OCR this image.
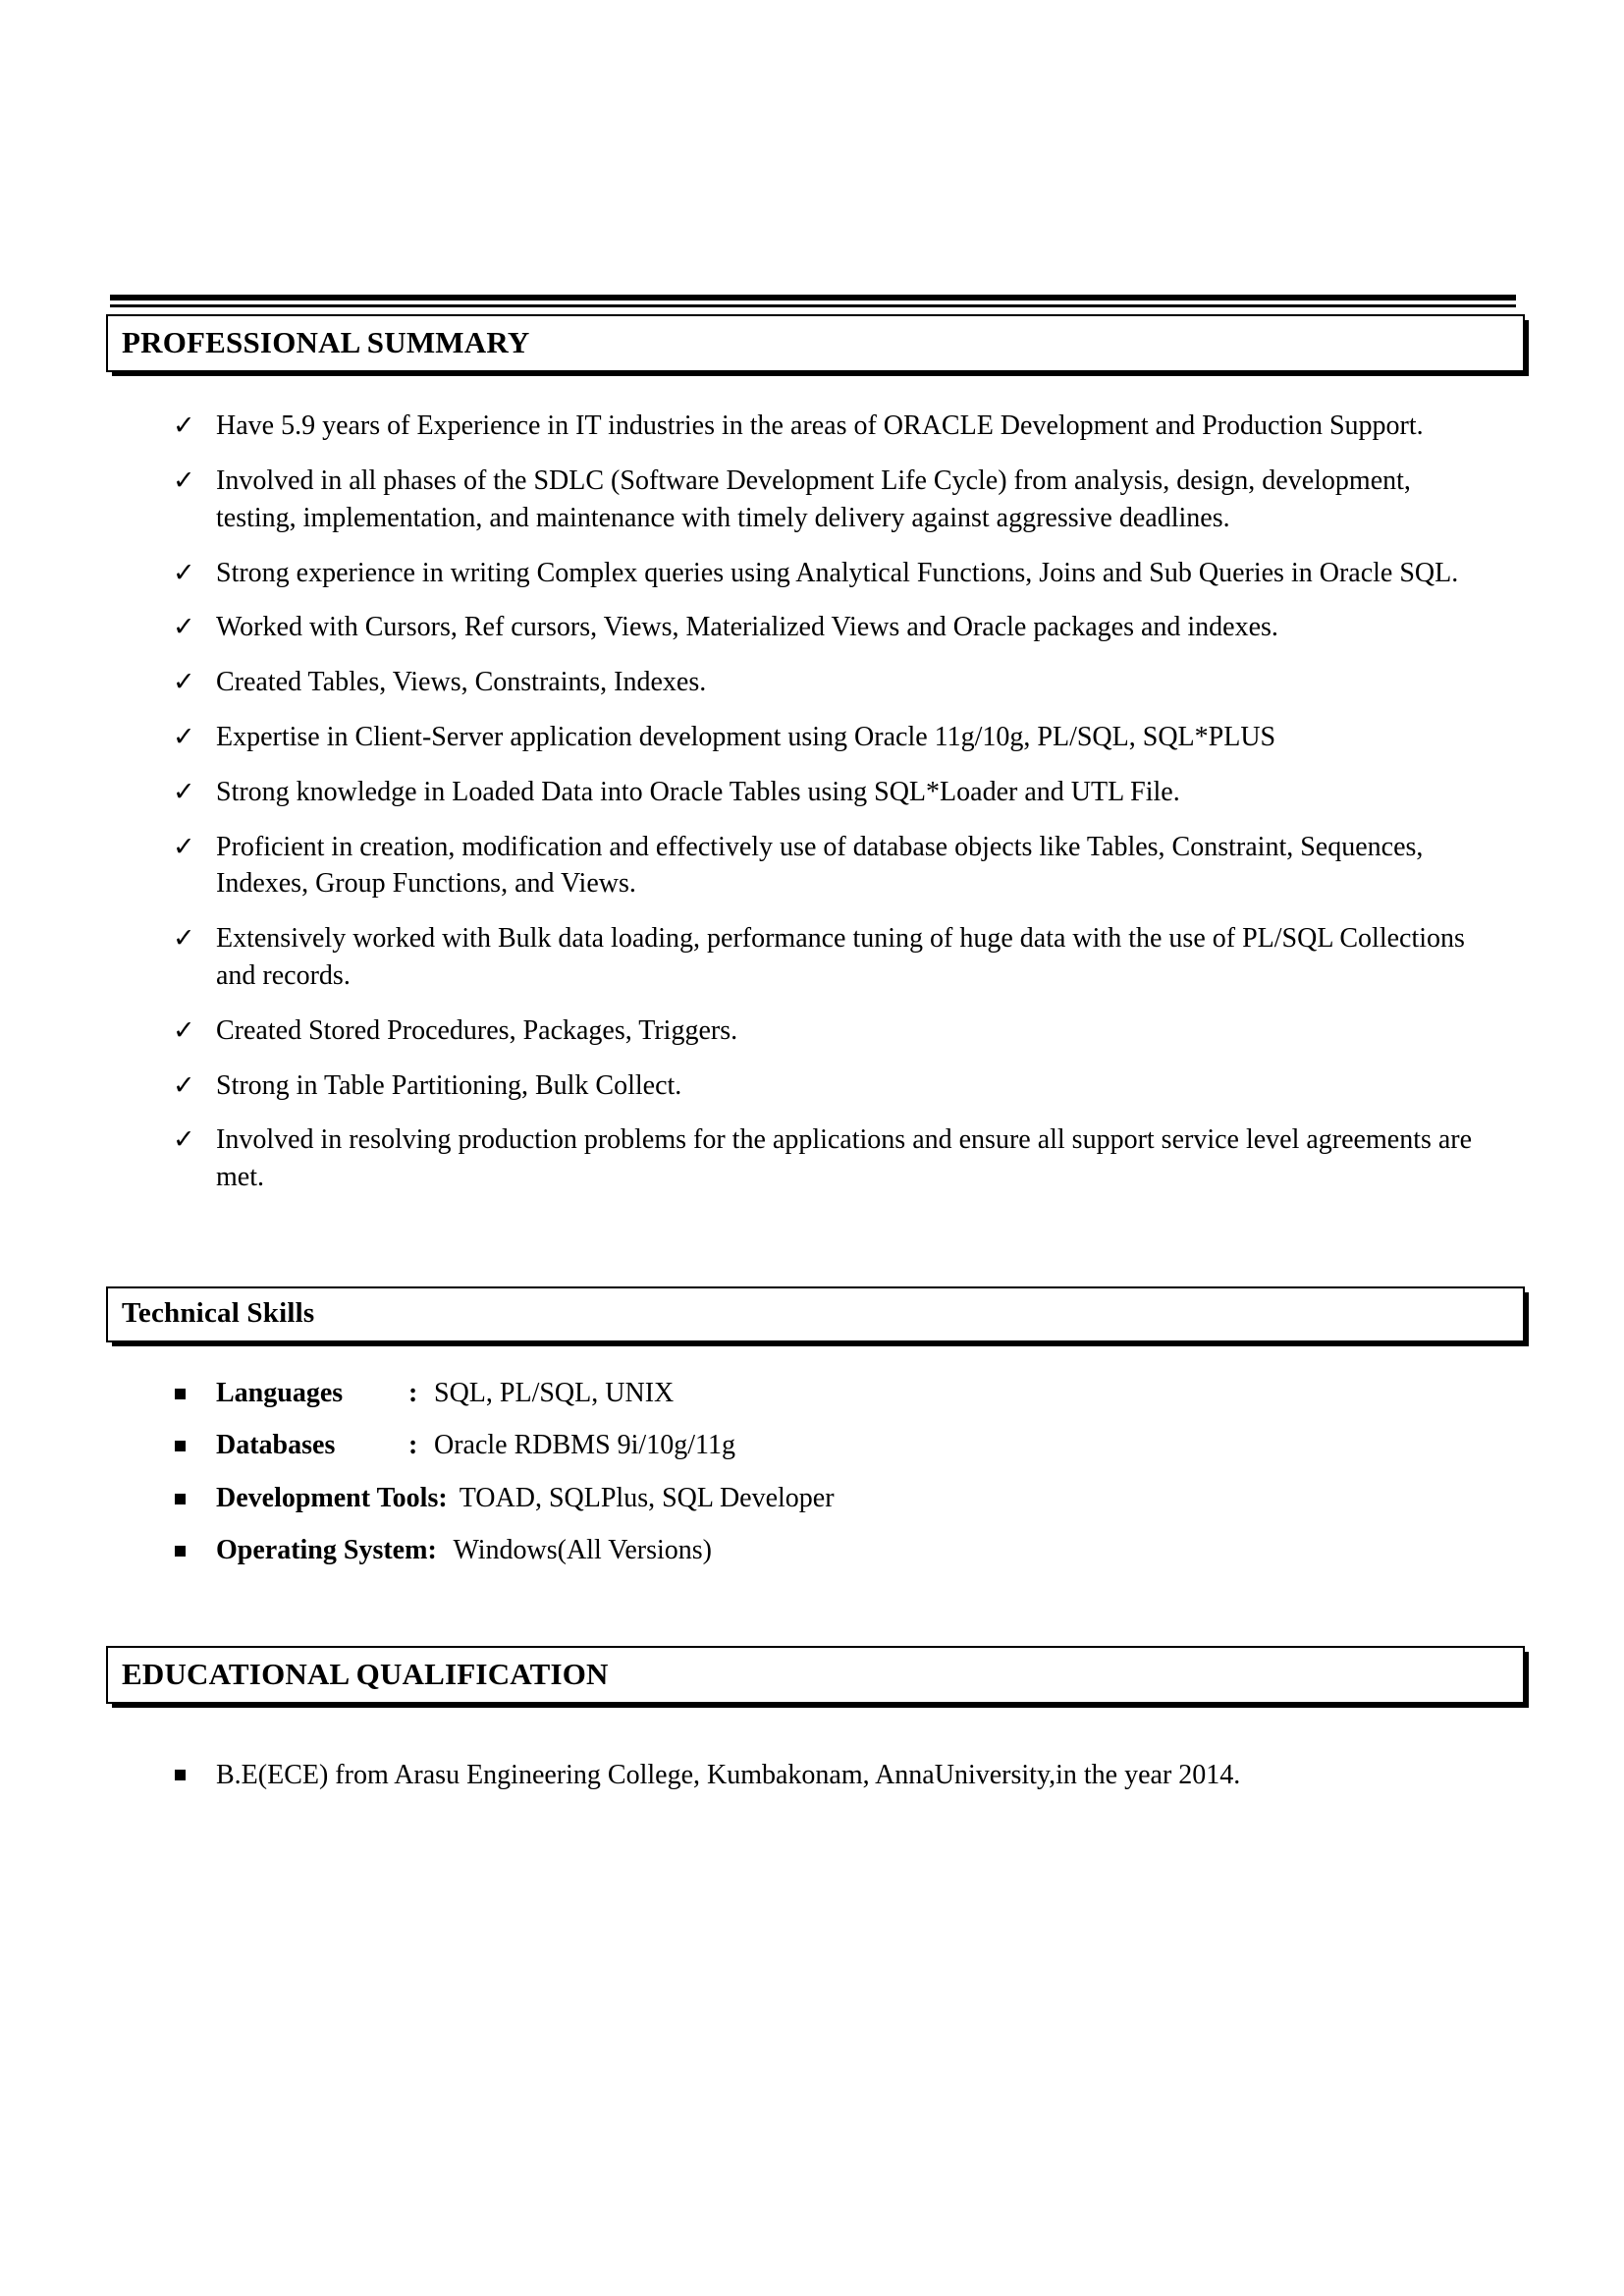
PROFESSIONAL SUMMARY
✓ Have 5.9 years of Experience in IT industries in the areas of ORACLE Development and Production Support.
✓ Involved in all phases of the SDLC (Software Development Life Cycle) from analysis, design, development, testing, implementation, and maintenance with timely delivery against aggressive deadlines.
✓ Strong experience in writing Complex queries using Analytical Functions, Joins and Sub Queries in Oracle SQL.
✓ Worked with Cursors, Ref cursors, Views, Materialized Views and Oracle packages and indexes.
✓ Created Tables, Views, Constraints, Indexes.
✓ Expertise in Client-Server application development using Oracle 11g/10g, PL/SQL, SQL*PLUS
✓ Strong knowledge in Loaded Data into Oracle Tables using SQL*Loader and UTL File.
✓ Proficient in creation, modification and effectively use of database objects like Tables, Constraint, Sequences, Indexes, Group Functions, and Views.
✓ Extensively worked with Bulk data loading, performance tuning of huge data with the use of PL/SQL Collections and records.
✓ Created Stored Procedures, Packages, Triggers.
✓ Strong in Table Partitioning, Bulk Collect.
✓ Involved in resolving production problems for the applications and ensure all support service level agreements are met.
Technical Skills
Languages : SQL, PL/SQL, UNIX
Databases	: Oracle RDBMS 9i/10g/11g
Development Tools: TOAD, SQLPlus, SQL Developer
Operating System: Windows(All Versions)
EDUCATIONAL QUALIFICATION
B.E(ECE) from Arasu Engineering College, Kumbakonam, AnnaUniversity,in the year 2014.
